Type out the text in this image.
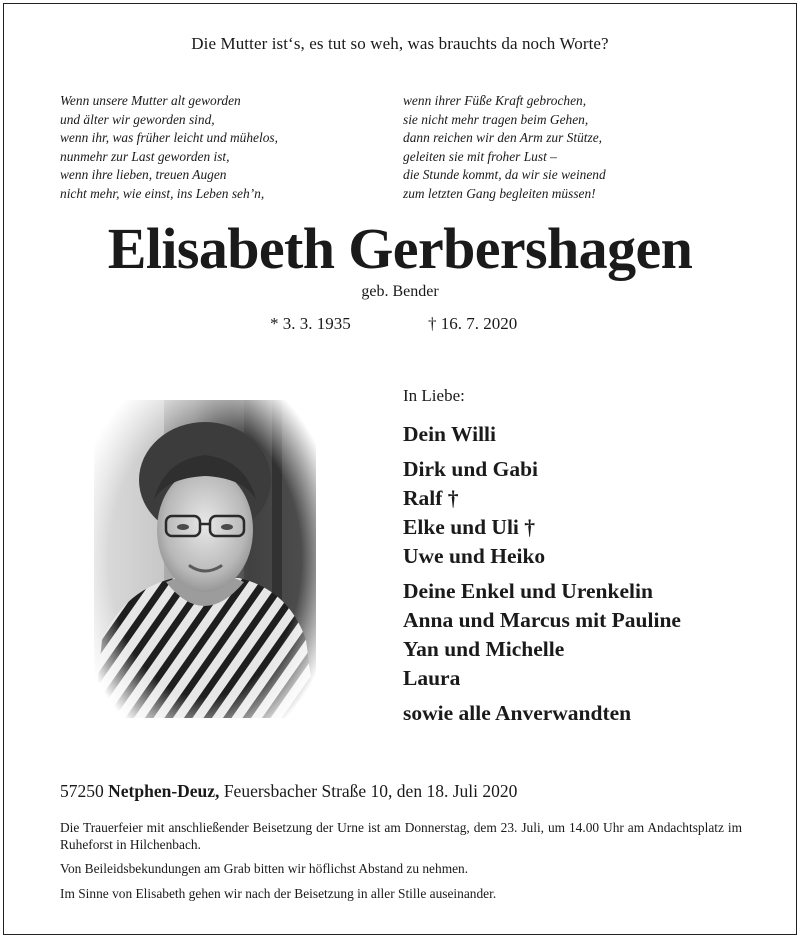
Die Mutter ist‘s, es tut so weh, was brauchts da noch Worte?
Wenn unsere Mutter alt geworden
und älter wir geworden sind,
wenn ihr, was früher leicht und mühelos,
nunmehr zur Last geworden ist,
wenn ihre lieben, treuen Augen
nicht mehr, wie einst, ins Leben seh’n,
wenn ihrer Füße Kraft gebrochen,
sie nicht mehr tragen beim Gehen,
dann reichen wir den Arm zur Stütze,
geleiten sie mit froher Lust –
die Stunde kommt, da wir sie weinend
zum letzten Gang begleiten müssen!
Elisabeth Gerbershagen
geb. Bender
* 3. 3. 1935	† 16. 7. 2020
In Liebe:
Dein Willi
Dirk und Gabi
Ralf †
Elke und Uli †
Uwe und Heiko
Deine Enkel und Urenkelin
Anna und Marcus mit Pauline
Yan und Michelle
Laura
sowie alle Anverwandten
57250 Netphen-Deuz, Feuersbacher Straße 10, den 18. Juli 2020

Die Trauerfeier mit anschließender Beisetzung der Urne ist am Donnerstag, dem 23. Juli, um 14.00 Uhr am Andachtsplatz im Ruheforst in Hilchenbach.

Von Beileidsbekundungen am Grab bitten wir höflichst Abstand zu nehmen.

Im Sinne von Elisabeth gehen wir nach der Beisetzung in aller Stille auseinander.
